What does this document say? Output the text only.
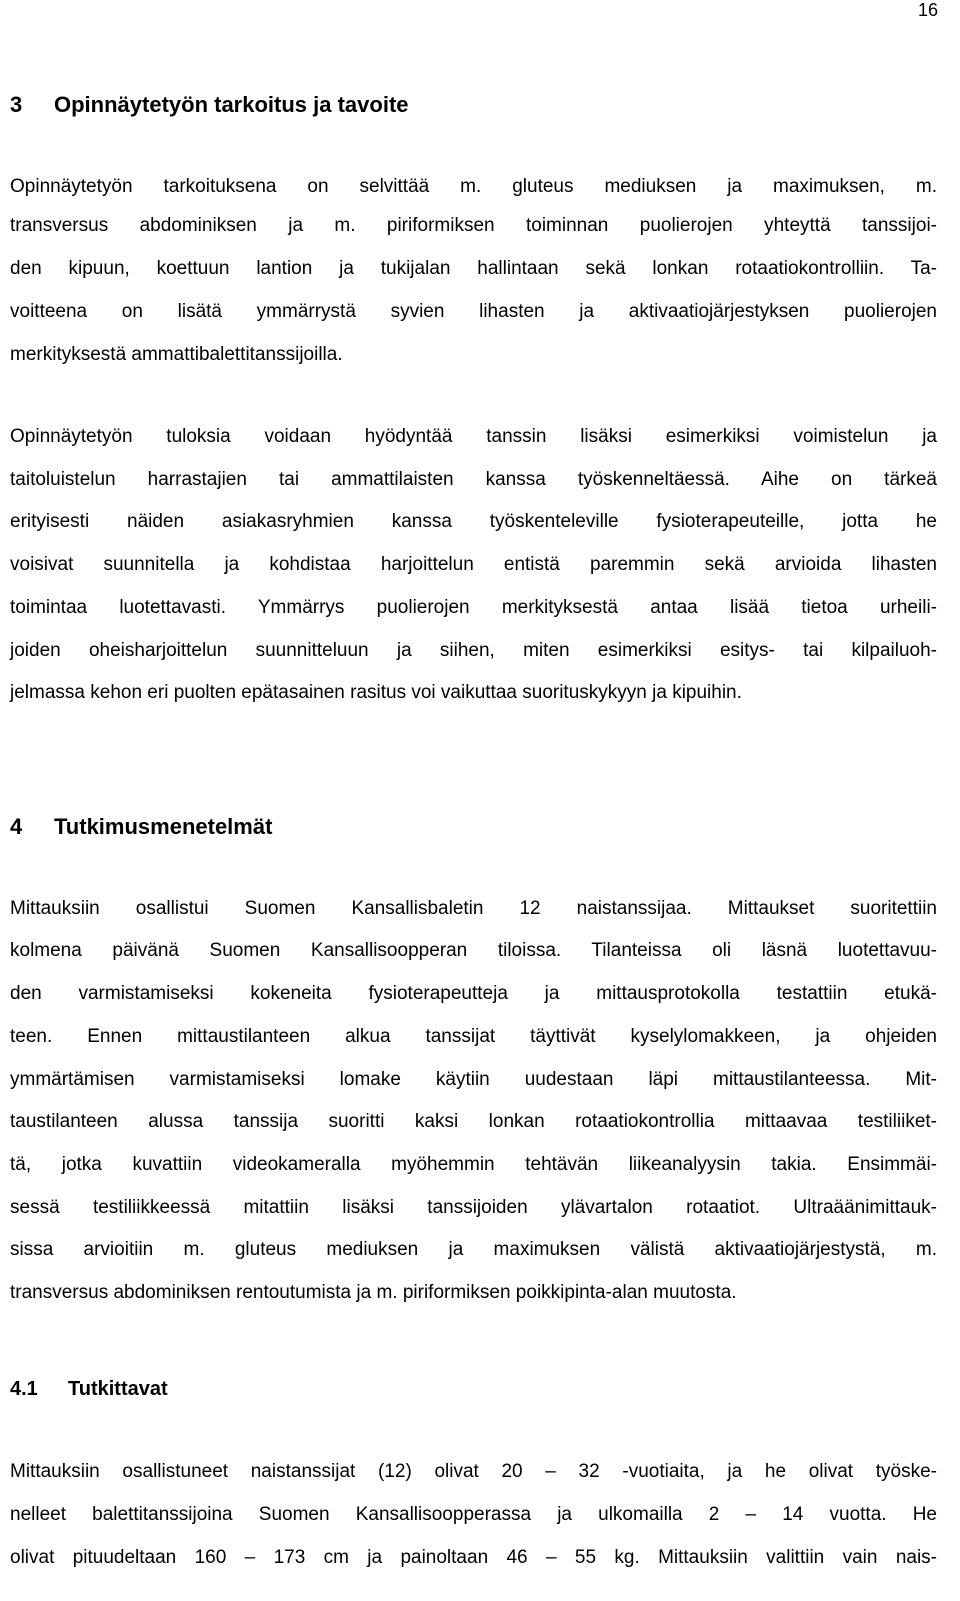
16
3 Opinnäytetyön tarkoitus ja tavoite
Opinnäytetyön tarkoituksena on selvittää m. gluteus mediuksen ja maximuksen, m.
transversus abdominiksen ja m. piriformiksen toiminnan puolierojen yhteyttä tanssijoi-
den kipuun, koettuun lantion ja tukijalan hallintaan sekä lonkan rotaatiokontrolliin. Ta-
voitteena on lisätä ymmärrystä syvien lihasten ja aktivaatiojärjestyksen puolierojen
merkityksestä ammattibalettitanssijoilla.
Opinnäytetyön tuloksia voidaan hyödyntää tanssin lisäksi esimerkiksi voimistelun ja
taitoluistelun harrastajien tai ammattilaisten kanssa työskenneltäessä. Aihe on tärkeä
erityisesti näiden asiakasryhmien kanssa työskenteleville fysioterapeuteille, jotta he
voisivat suunnitella ja kohdistaa harjoittelun entistä paremmin sekä arvioida lihasten
toimintaa luotettavasti. Ymmärrys puolierojen merkityksestä antaa lisää tietoa urheili-
joiden oheisharjoittelun suunnitteluun ja siihen, miten esimerkiksi esitys- tai kilpailuoh-
jelmassa kehon eri puolten epätasainen rasitus voi vaikuttaa suorituskykyyn ja kipuihin.
4 Tutkimusmenetelmät
Mittauksiin osallistui Suomen Kansallisbaletin 12 naistanssijaa. Mittaukset suoritettiin
kolmena päivänä Suomen Kansallisoopperan tiloissa. Tilanteissa oli läsnä luotettavuu-
den varmistamiseksi kokeneita fysioterapeutteja ja mittausprotokolla testattiin etukä-
teen. Ennen mittaustilanteen alkua tanssijat täyttivät kyselylomakkeen, ja ohjeiden
ymmärtämisen varmistamiseksi lomake käytiin uudestaan läpi mittaustilanteessa. Mit-
taustilanteen alussa tanssija suoritti kaksi lonkan rotaatiokontrollia mittaavaa testiliiket-
tä, jotka kuvattiin videokameralla myöhemmin tehtävän liikeanalyysin takia. Ensimmäi-
sessä testiliikkeessä mitattiin lisäksi tanssijoiden ylävartalon rotaatiot. Ultraäänimittauk-
sissa arvioitiin m. gluteus mediuksen ja maximuksen välistä aktivaatiojärjestystä, m.
transversus abdominiksen rentoutumista ja m. piriformiksen poikkipinta-alan muutosta.
4.1 Tutkittavat
Mittauksiin osallistuneet naistanssijat (12) olivat 20 – 32 -vuotiaita, ja he olivat työske-
nelleet balettitanssijoina Suomen Kansallisoopperassa ja ulkomailla 2 – 14 vuotta. He
olivat pituudeltaan 160 – 173 cm ja painoltaan 46 – 55 kg. Mittauksiin valittiin vain nais-
